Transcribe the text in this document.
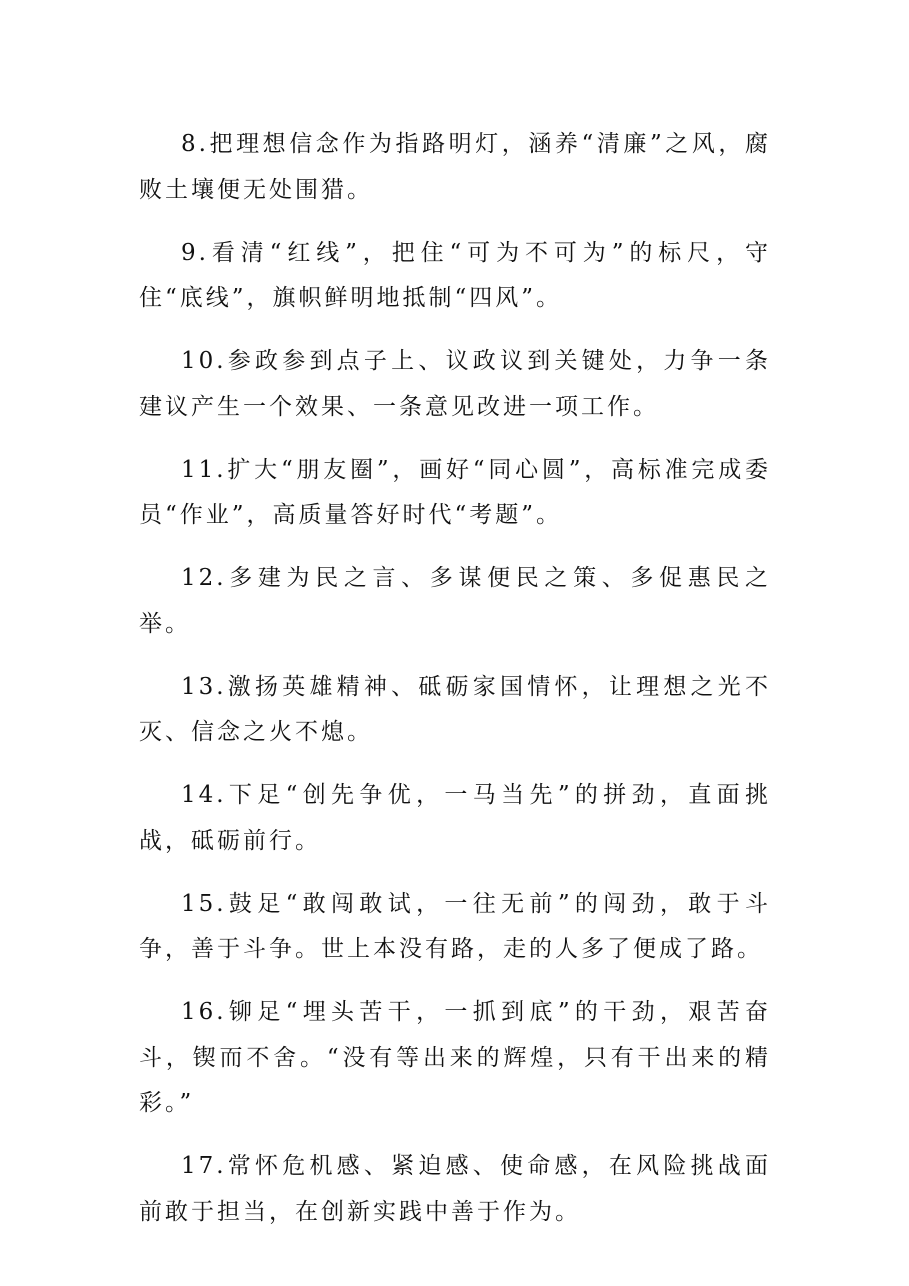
8.把理想信念作为指路明灯，涵养“清廉”之风，腐败土壤便无处围猎。

9.看清“红线”，把住“可为不可为”的标尺，守住“底线”，旗帜鲜明地抵制“四风”。

10.参政参到点子上、议政议到关键处，力争一条建议产生一个效果、一条意见改进一项工作。

11.扩大“朋友圈”，画好“同心圆”，高标准完成委员“作业”，高质量答好时代“考题”。

12.多建为民之言、多谋便民之策、多促惠民之举。

13.激扬英雄精神、砥砺家国情怀，让理想之光不灭、信念之火不熄。

14.下足“创先争优，一马当先”的拼劲，直面挑战，砥砺前行。

15.鼓足“敢闯敢试，一往无前”的闯劲，敢于斗争，善于斗争。世上本没有路，走的人多了便成了路。

16.铆足“埋头苦干，一抓到底”的干劲，艰苦奋斗，锲而不舍。“没有等出来的辉煌，只有干出来的精彩。”

17.常怀危机感、紧迫感、使命感，在风险挑战面前敢于担当，在创新实践中善于作为。
